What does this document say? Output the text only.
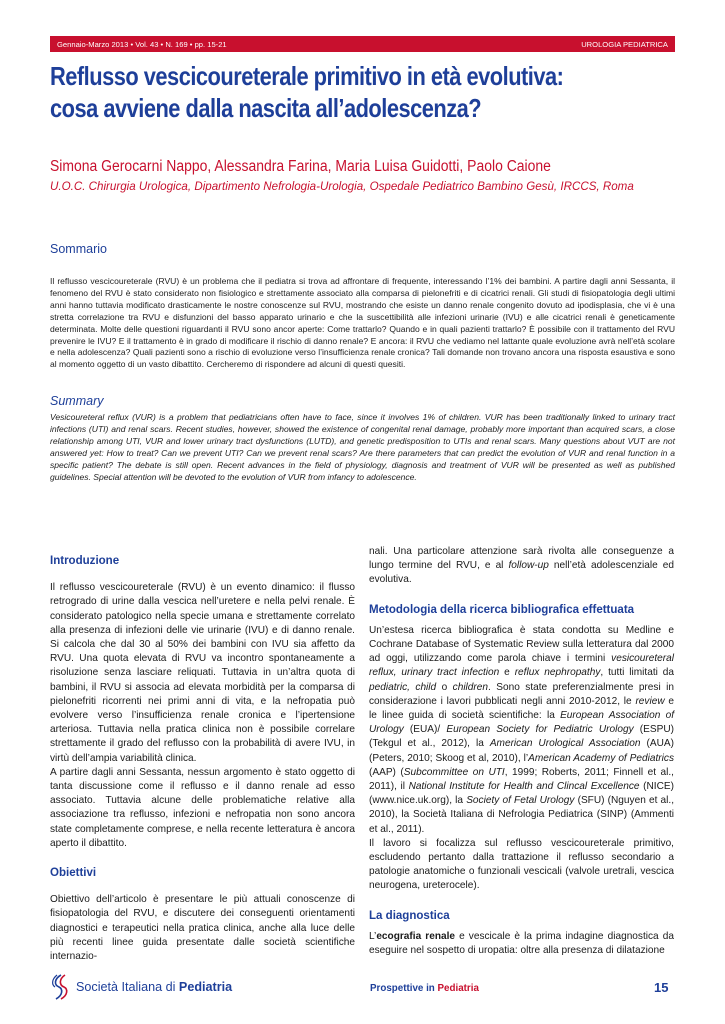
Gennaio-Marzo 2013 • Vol. 43 • N. 169 • pp. 15-21	UROLOGIA PEDIATRICA
Reflusso vescicoureterale primitivo in età evolutiva:
cosa avviene dalla nascita all’adolescenza?
Simona Gerocarni Nappo, Alessandra Farina, Maria Luisa Guidotti, Paolo Caione
U.O.C. Chirurgia Urologica, Dipartimento Nefrologia-Urologia, Ospedale Pediatrico Bambino Gesù, IRCCS, Roma
Sommario
Il reflusso vescicoureterale (RVU) è un problema che il pediatra si trova ad affrontare di frequente, interessando l’1% dei bambini. A partire dagli anni Sessanta, il fenomeno del RVU è stato considerato non fisiologico e strettamente associato alla comparsa di pielonefriti e di cicatrici renali. Gli studi di fisiopatologia degli ultimi anni hanno tuttavia modificato drasticamente le nostre conoscenze sul RVU, mostrando che esiste un danno renale congenito dovuto ad ipodisplasia, che vi è una stretta correlazione tra RVU e disfunzioni del basso apparato urinario e che la suscettibilità alle infezioni urinarie (IVU) e alle cicatrici renali è geneticamente determinata. Molte delle questioni riguardanti il RVU sono ancor aperte: Come trattarlo? Quando e in quali pazienti trattarlo? È possibile con il trattamento del RVU prevenire le IVU? E il trattamento è in grado di modificare il rischio di danno renale? E ancora: il RVU che vediamo nel lattante quale evoluzione avrà nell’età scolare e nella adolescenza? Quali pazienti sono a rischio di evoluzione verso l’insufficienza renale cronica? Tali domande non trovano ancora una risposta esaustiva e sono al momento oggetto di un vasto dibattito. Cercheremo di rispondere ad alcuni di questi quesiti.
Summary
Vesicoureteral reflux (VUR) is a problem that pediatricians often have to face, since it involves 1% of children. VUR has been traditionally linked to urinary tract infections (UTI) and renal scars. Recent studies, however, showed the existence of congenital renal damage, probably more important than acquired scars, a close relationship among UTI, VUR and lower urinary tract dysfunctions (LUTD), and genetic predisposition to UTIs and renal scars. Many questions about VUT are not answered yet: How to treat? Can we prevent UTI? Can we prevent renal scars? Are there parameters that can predict the evolution of VUR and renal function in a specific patient? The debate is still open. Recent advances in the field of physiology, diagnosis and treatment of VUR will be presented as well as published guidelines. Special attention will be devoted to the evolution of VUR from infancy to adolescence.
Introduzione

Il reflusso vescicoureterale (RVU) è un evento dinamico: il flusso retrogrado di urine dalla vescica nell’uretere e nella pelvi renale. È considerato patologico nella specie umana e strettamente correlato alla presenza di infezioni delle vie urinarie (IVU) e di danno renale. Si calcola che dal 30 al 50% dei bambini con IVU sia affetto da RVU. Una quota elevata di RVU va incontro spontaneamente a risoluzione senza lasciare reliquati. Tuttavia in un’altra quota di bambini, il RVU si associa ad elevata morbidità per la comparsa di pielonefriti ricorrenti nei primi anni di vita, e la nefropatia può evolvere verso l’insufficienza renale cronica e l’ipertensione arteriosa. Tuttavia nella pratica clinica non è possibile correlare strettamente il grado del reflusso con la probabilità di avere IVU, in virtù dell’ampia variabilità clinica.

A partire dagli anni Sessanta, nessun argomento è stato oggetto di tanta discussione come il reflusso e il danno renale ad esso associato. Tuttavia alcune delle problematiche relative alla associazione tra reflusso, infezioni e nefropatia non sono ancora state completamente comprese, e nella recente letteratura è ancora aperto il dibattito.

Obiettivi

Obiettivo dell’articolo è presentare le più attuali conoscenze di fisiopatologia del RVU, e discutere dei conseguenti orientamenti diagnostici e terapeutici nella pratica clinica, anche alla luce delle più recenti linee guida presentate dalle società scientifiche internazio-

nali. Una particolare attenzione sarà rivolta alle conseguenze a lungo termine del RVU, e al follow-up nell’età adolescenziale ed evolutiva.

Metodologia della ricerca bibliografica effettuata

Un’estesa ricerca bibliografica è stata condotta su Medline e Cochrane Database of Systematic Review sulla letteratura dal 2000 ad oggi, utilizzando come parola chiave i termini vesicoureteral reflux, urinary tract infection e reflux nephropathy, tutti limitati da pediatric, child o children. Sono state preferenzialmente presi in considerazione i lavori pubblicati negli anni 2010-2012, le review e le linee guida di società scientifiche: la European Association of Urology (EUA)/ European Society for Pediatric Urology (ESPU) (Tekgul et al., 2012), la American Urological Association (AUA) (Peters, 2010; Skoog et al, 2010), l’American Academy of Pediatrics (AAP) (Subcommittee on UTI, 1999; Roberts, 2011; Finnell et al., 2011), il National Institute for Health and Clincal Excellence (NICE) (www.nice.uk.org), la Society of Fetal Urology (SFU) (Nguyen et al., 2010), la Società Italiana di Nefrologia Pediatrica (SINP) (Ammenti et al., 2011).

Il lavoro si focalizza sul reflusso vescicoureterale primitivo, escludendo pertanto dalla trattazione il reflusso secondario a patologie anatomiche o funzionali vescicali (valvole uretrali, vescica neurogena, ureterocele).

La diagnostica

L’ecografia renale e vescicale è la prima indagine diagnostica da eseguire nel sospetto di uropatia: oltre alla presenza di dilatazione

Società Italiana di Pediatria	Prospettive in Pediatria	15
